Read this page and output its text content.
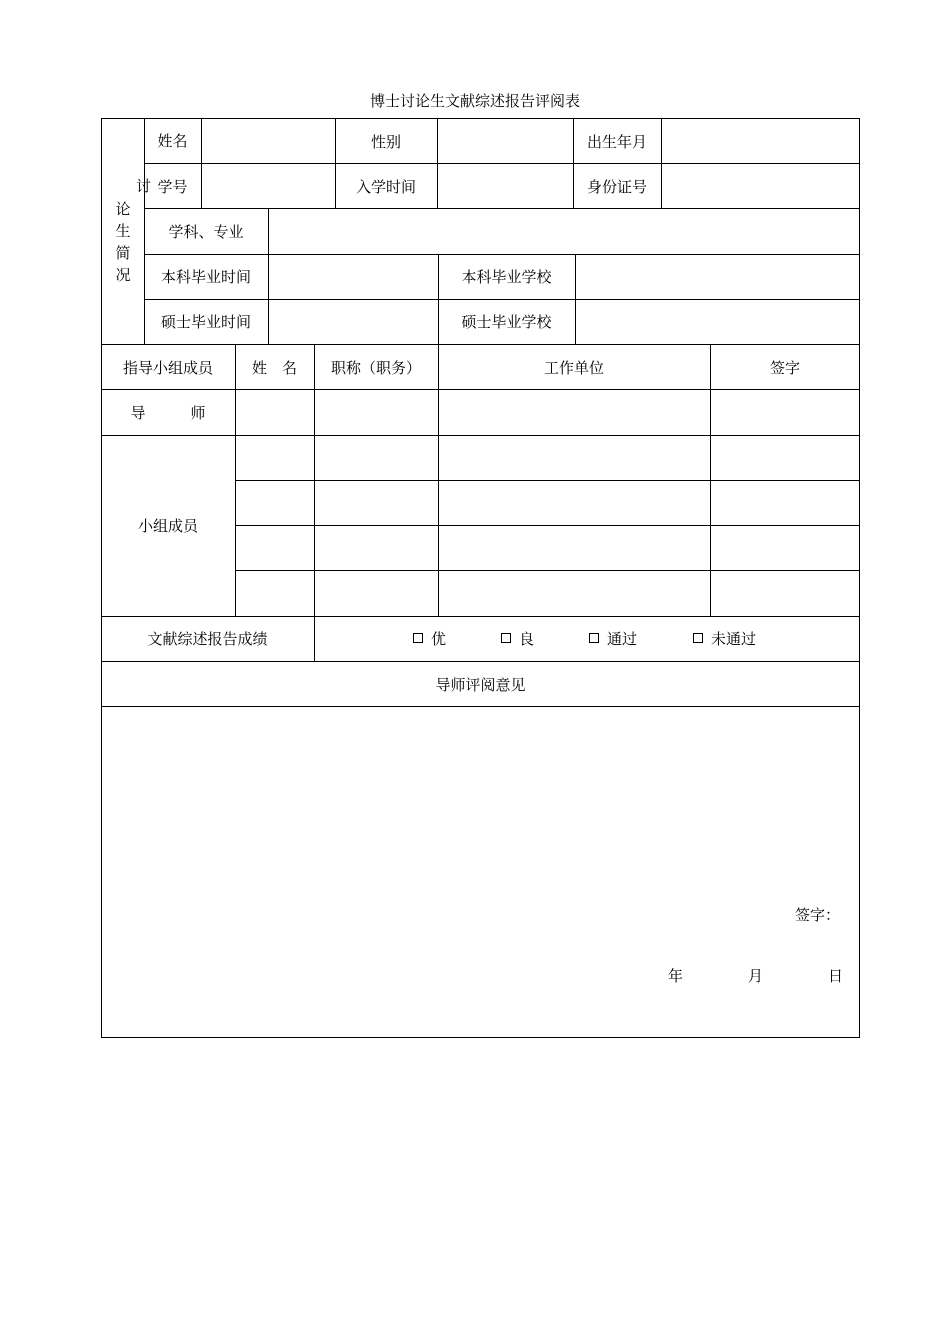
博士讨论生文献综述报告评阅表
讨
论
生
简
况
姓名	性别	出生年月
学号	入学时间	身份证号
学科、专业
本科毕业时间	本科毕业学校
硕士毕业时间	硕士毕业学校
指导小组成员	姓　名	职称（职务）	工作单位	签字
导　　　师
小组成员
文献综述报告成绩	优	良	通过	未通过
导师评阅意见
签字：
年	月	日
